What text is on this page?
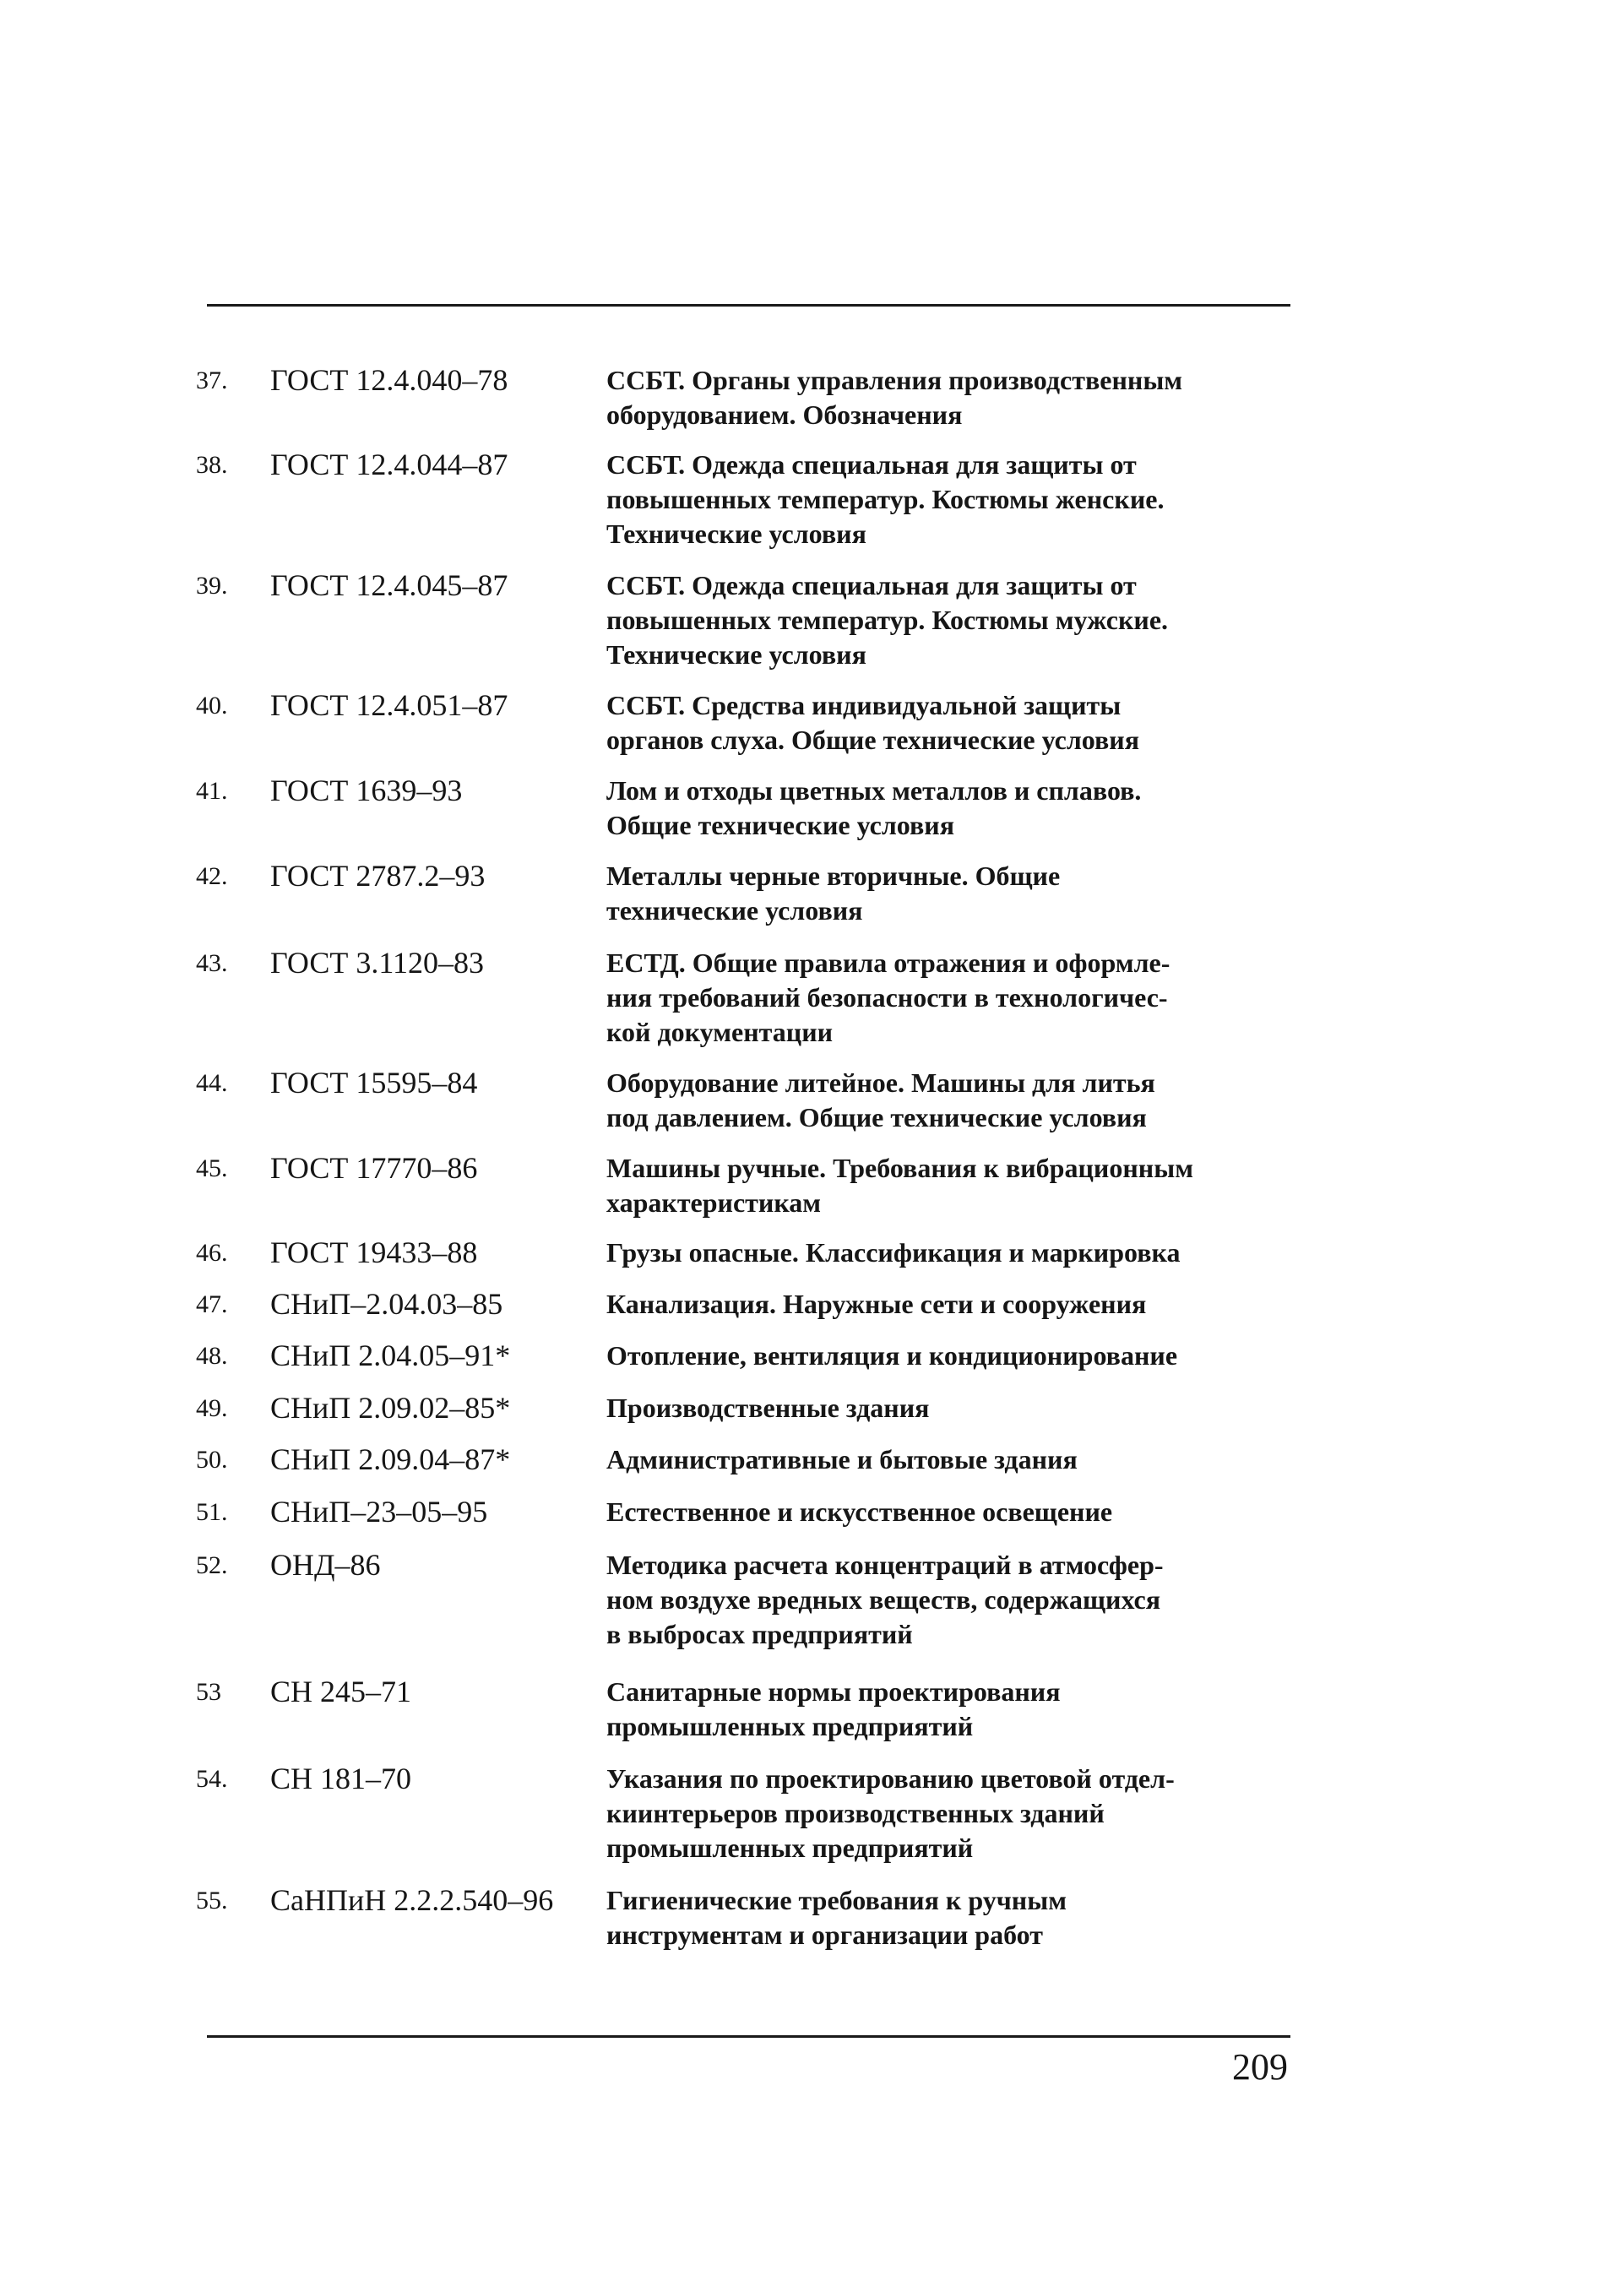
37. ГОСТ 12.4.040–78	ССБТ. Органы управления производственным
оборудованием. Обозначения
38. ГОСТ 12.4.044–87	ССБТ. Одежда специальная для защиты от
повышенных температур. Костюмы женские.
Технические условия
39. ГОСТ 12.4.045–87	ССБТ. Одежда специальная для защиты от
повышенных температур. Костюмы мужские.
Технические условия
40. ГОСТ 12.4.051–87	ССБТ. Средства индивидуальной защиты
органов слуха. Общие технические условия
41. ГОСТ 1639–93	Лом и отходы цветных металлов и сплавов.
Общие технические условия
42. ГОСТ 2787.2–93	Металлы черные вторичные. Общие
технические условия
43. ГОСТ 3.1120–83	ЕСТД. Общие правила отражения и оформле-
ния требований безопасности в технологичес-
кой документации
44. ГОСТ 15595–84	Оборудование литейное. Машины для литья
под давлением. Общие технические условия
45. ГОСТ 17770–86	Машины ручные. Требования к вибрационным
характеристикам
46. ГОСТ 19433–88	Грузы опасные. Классификация и маркировка
47. СНиП–2.04.03–85	Канализация. Наружные сети и сооружения
48. СНиП 2.04.05–91*	Отопление, вентиляция и кондиционирование
49. СНиП 2.09.02–85*	Производственные здания
50. СНиП 2.09.04–87*	Административные и бытовые здания
51. СНиП–23–05–95	Естественное и искусственное освещение
52. ОНД–86	Методика расчета концентраций в атмосфер-
ном воздухе вредных веществ, содержащихся
в выбросах предприятий
53 СН 245–71	Санитарные нормы проектирования
промышленных предприятий
54. СН 181–70	Указания по проектированию цветовой отдел-
киинтерьеров производственных зданий
промышленных предприятий
55. СаНПиН 2.2.2.540–96 Гигиенические требования к ручным
инструментам и организации работ
209
